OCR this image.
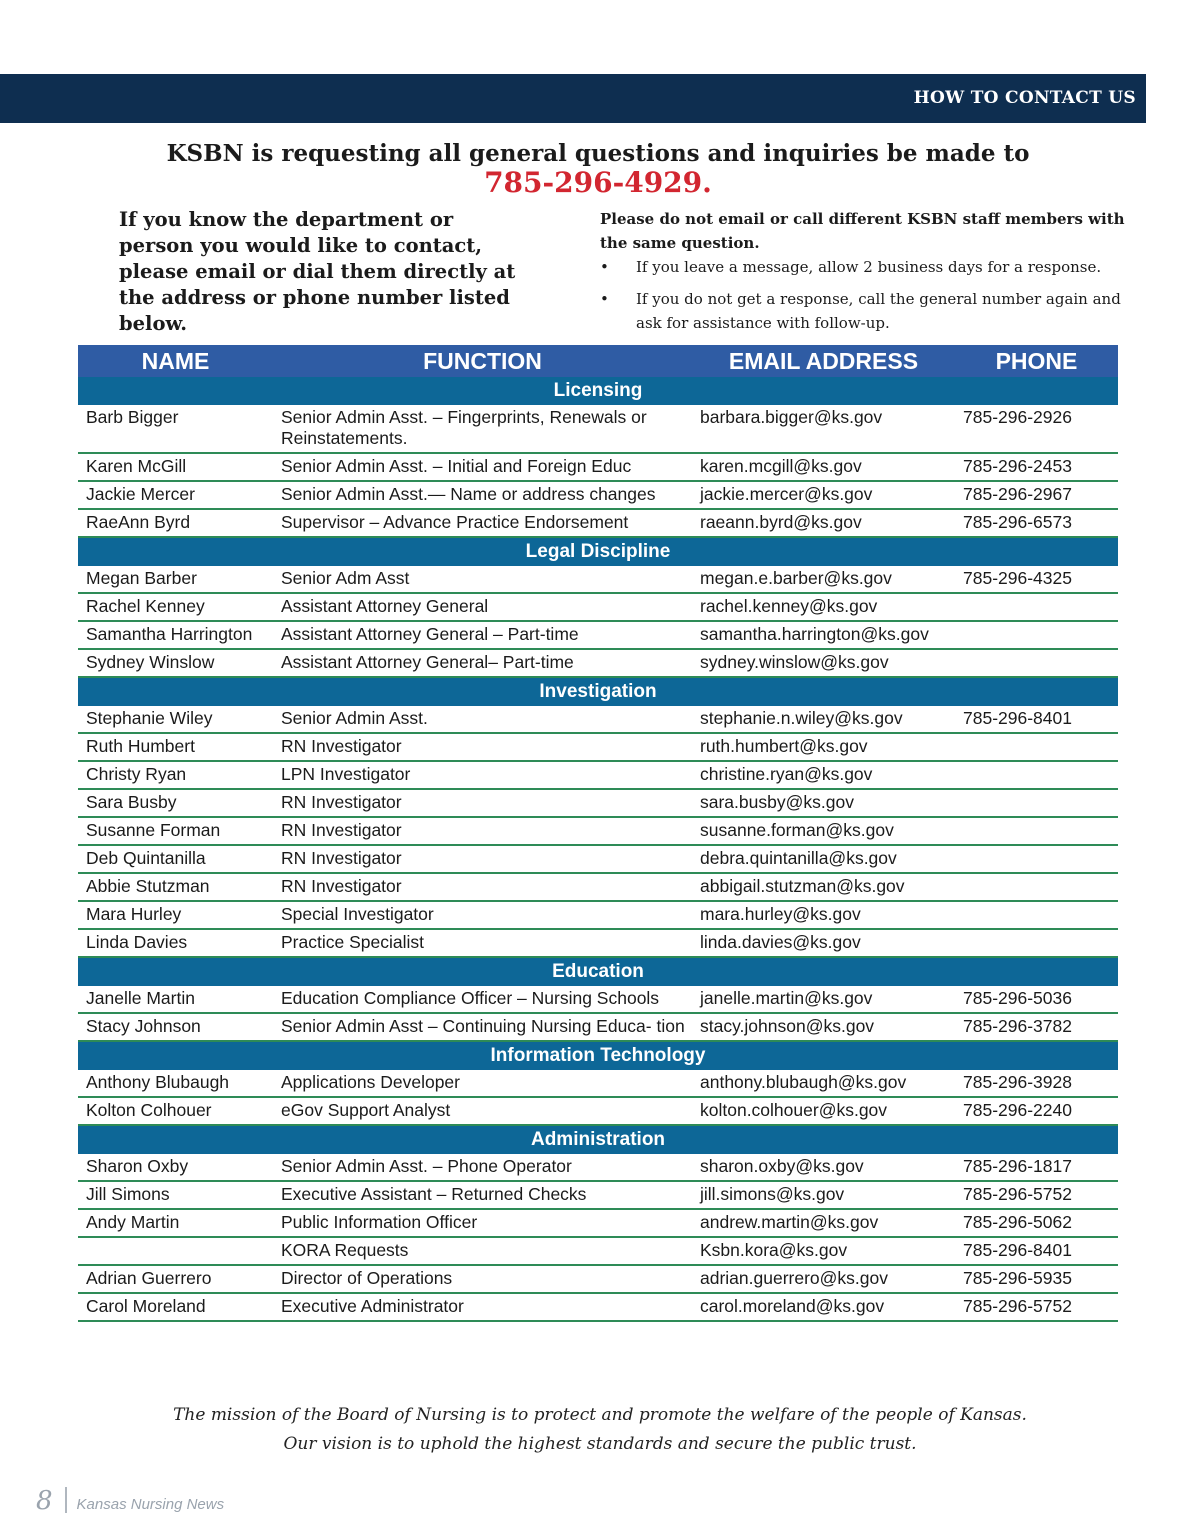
HOW TO CONTACT US
KSBN is requesting all general questions and inquiries be made to
785-296-4929.
If you know the department or person you would like to contact, please email or dial them directly at the address or phone number listed below.
Please do not email or call different KSBN staff members with the same question.
• If you leave a message, allow 2 business days for a response.
• If you do not get a response, call the general number again and ask for assistance with follow-up.
NAME	FUNCTION	EMAIL ADDRESS	PHONE
Licensing			
Barb Bigger	Senior Admin Asst. – Fingerprints, Renewals or Reinstatements.	barbara.bigger@ks.gov	785-296-2926
Karen McGill	Senior Admin Asst. – Initial and Foreign Educ	karen.mcgill@ks.gov	785-296-2453
Jackie Mercer	Senior Admin Asst.— Name or address changes	jackie.mercer@ks.gov	785-296-2967
RaeAnn Byrd	Supervisor – Advance Practice Endorsement	raeann.byrd@ks.gov	785-296-6573
Legal Discipline			
Megan Barber	Senior Adm Asst	megan.e.barber@ks.gov	785-296-4325
Rachel Kenney	Assistant Attorney General	rachel.kenney@ks.gov	
Samantha Harrington	Assistant Attorney General – Part-time	samantha.harrington@ks.gov	
Sydney Winslow	Assistant Attorney General– Part-time	sydney.winslow@ks.gov	
Investigation			
Stephanie Wiley	Senior Admin Asst.	stephanie.n.wiley@ks.gov	785-296-8401
Ruth Humbert	RN Investigator	ruth.humbert@ks.gov	
Christy Ryan	LPN Investigator	christine.ryan@ks.gov	
Sara Busby	RN Investigator	sara.busby@ks.gov	
Susanne Forman	RN Investigator	susanne.forman@ks.gov	
Deb Quintanilla	RN Investigator	debra.quintanilla@ks.gov	
Abbie Stutzman	RN Investigator	abbigail.stutzman@ks.gov	
Mara Hurley	Special Investigator	mara.hurley@ks.gov	
Linda Davies	Practice Specialist	linda.davies@ks.gov	
Education			
Janelle Martin	Education Compliance Officer – Nursing Schools	janelle.martin@ks.gov	785-296-5036
Stacy Johnson	Senior Admin Asst – Continuing Nursing Educa- tion	stacy.johnson@ks.gov	785-296-3782
Information Technology			
Anthony Blubaugh	Applications Developer	anthony.blubaugh@ks.gov	785-296-3928
Kolton Colhouer	eGov Support Analyst	kolton.colhouer@ks.gov	785-296-2240
Administration			
Sharon Oxby	Senior Admin Asst. – Phone Operator	sharon.oxby@ks.gov	785-296-1817
Jill Simons	Executive Assistant – Returned Checks	jill.simons@ks.gov	785-296-5752
Andy Martin	Public Information Officer	andrew.martin@ks.gov	785-296-5062
	KORA Requests	Ksbn.kora@ks.gov	785-296-8401
Adrian Guerrero	Director of Operations	adrian.guerrero@ks.gov	785-296-5935
Carol Moreland	Executive Administrator	carol.moreland@ks.gov	785-296-5752
The mission of the Board of Nursing is to protect and promote the welfare of the people of Kansas.
Our vision is to uphold the highest standards and secure the public trust.
8 Kansas Nursing News
